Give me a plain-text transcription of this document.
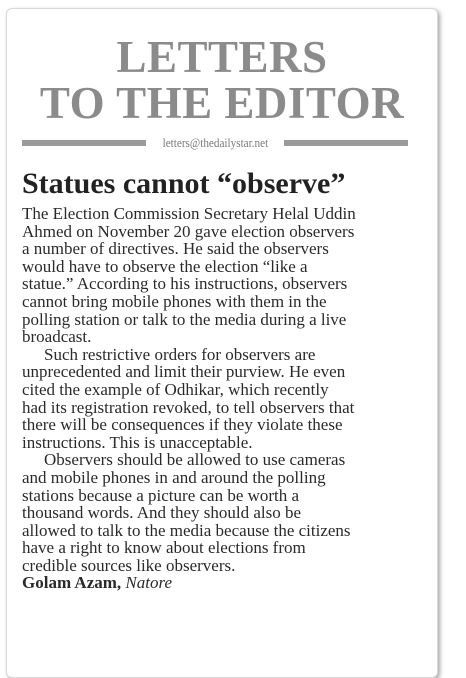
LETTERS
TO THE EDITOR
letters@thedailystar.net
Statues cannot “observe”
The Election Commission Secretary Helal Uddin
Ahmed on November 20 gave election observers
a number of directives. He said the observers
would have to observe the election “like a
statue.” According to his instructions, observers
cannot bring mobile phones with them in the
polling station or talk to the media during a live
broadcast.
Such restrictive orders for observers are
unprecedented and limit their purview. He even
cited the example of Odhikar, which recently
had its registration revoked, to tell observers that
there will be consequences if they violate these
instructions. This is unacceptable.
Observers should be allowed to use cameras
and mobile phones in and around the polling
stations because a picture can be worth a
thousand words. And they should also be
allowed to talk to the media because the citizens
have a right to know about elections from
credible sources like observers.
Golam Azam, Natore
